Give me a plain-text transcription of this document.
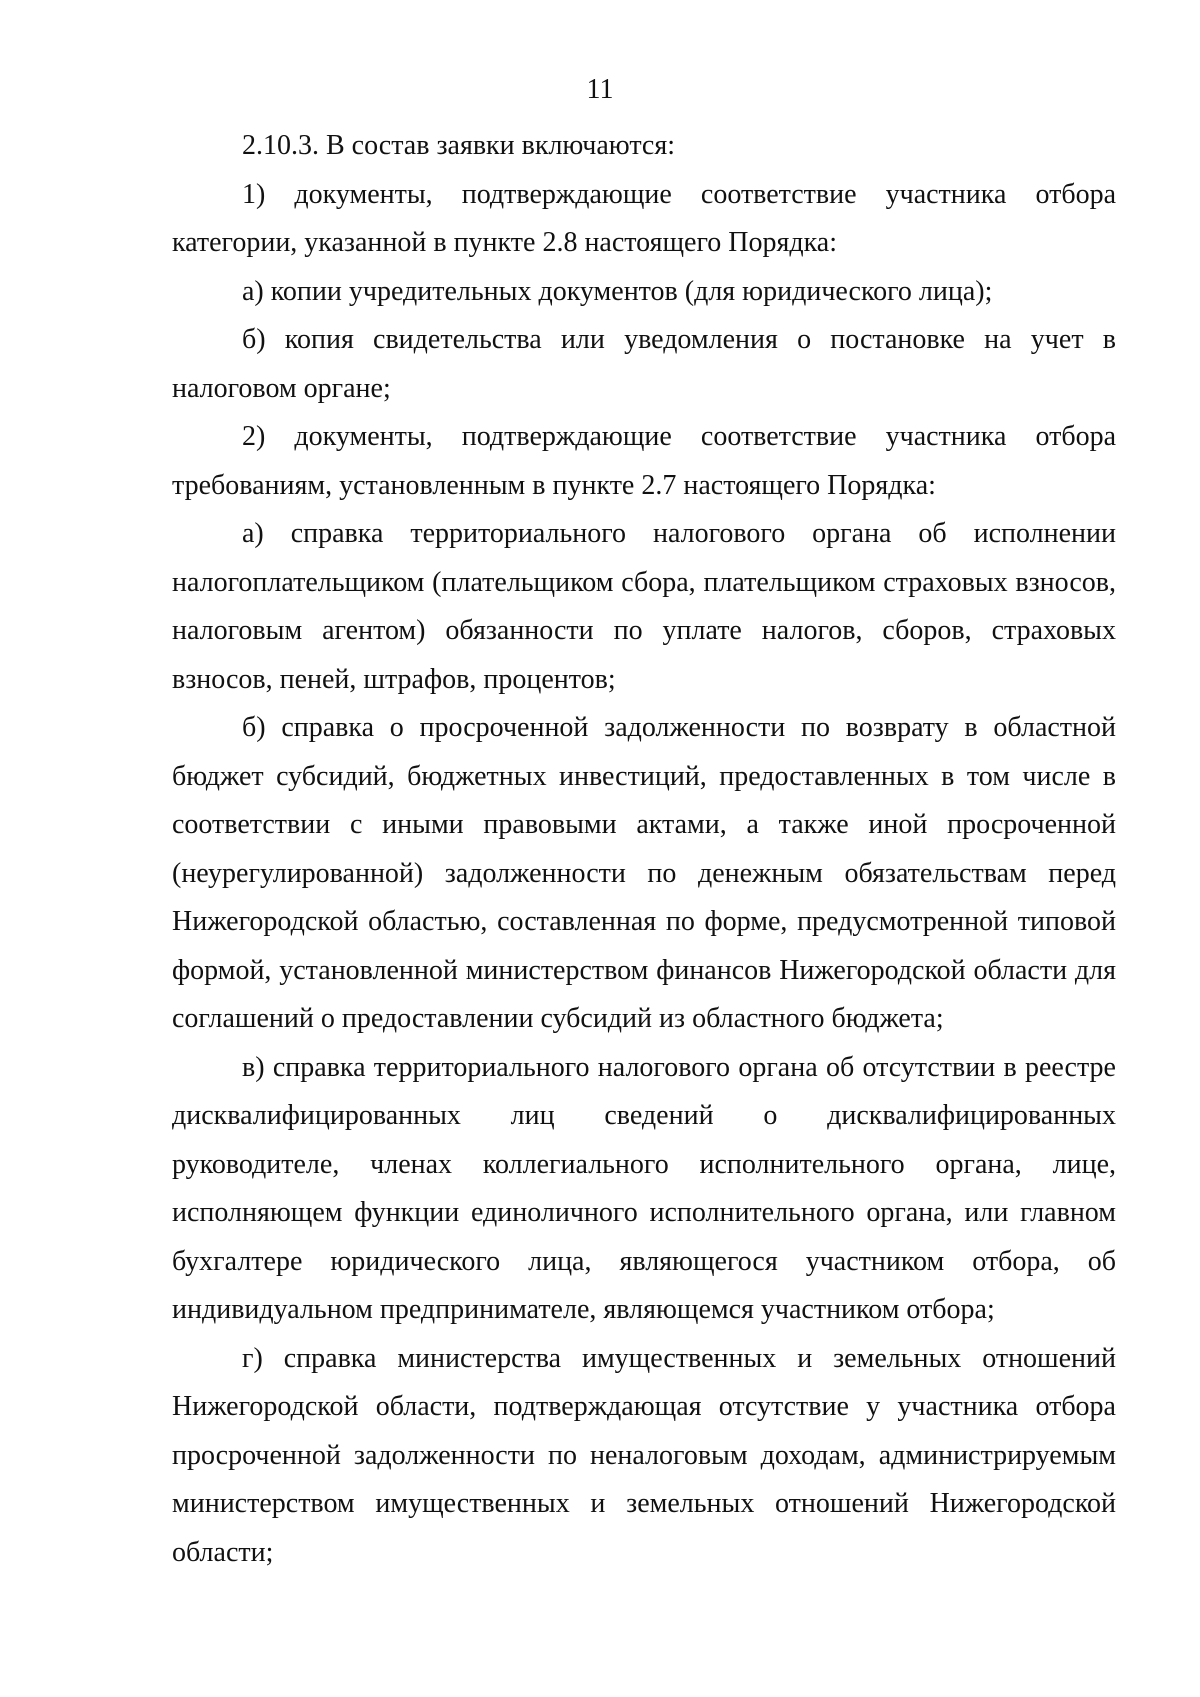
11

2.10.3. В состав заявки включаются:

1) документы, подтверждающие соответствие участника отбора категории, указанной в пункте 2.8 настоящего Порядка:

а) копии учредительных документов (для юридического лица);

б) копия свидетельства или уведомления о постановке на учет в налоговом органе;

2) документы, подтверждающие соответствие участника отбора требованиям, установленным в пункте 2.7 настоящего Порядка:

а) справка территориального налогового органа об исполнении налогоплательщиком (плательщиком сбора, плательщиком страховых взносов, налоговым агентом) обязанности по уплате налогов, сборов, страховых взносов, пеней, штрафов, процентов;

б) справка о просроченной задолженности по возврату в областной бюджет субсидий, бюджетных инвестиций, предоставленных в том числе в соответствии с иными правовыми актами, а также иной просроченной (неурегулированной) задолженности по денежным обязательствам перед Нижегородской областью, составленная по форме, предусмотренной типовой формой, установленной министерством финансов Нижегородской области для соглашений о предоставлении субсидий из областного бюджета;

в) справка территориального налогового органа об отсутствии в реестре дисквалифицированных лиц сведений о дисквалифицированных руководителе, членах коллегиального исполнительного органа, лице, исполняющем функции единоличного исполнительного органа, или главном бухгалтере юридического лица, являющегося участником отбора, об индивидуальном предпринимателе, являющемся участником отбора;

г) справка министерства имущественных и земельных отношений Нижегородской области, подтверждающая отсутствие у участника отбора просроченной задолженности по неналоговым доходам, администрируемым министерством имущественных и земельных отношений Нижегородской области;
